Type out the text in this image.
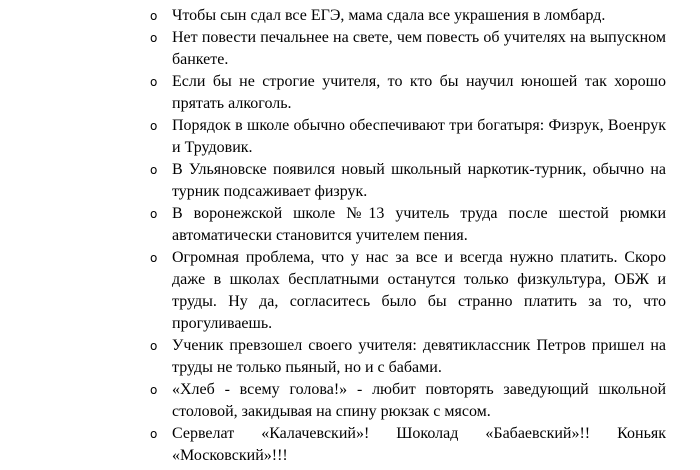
o Чтобы сын сдал все ЕГЭ, мама сдала все украшения в ломбард.
o Нет повести печальнее на свете, чем повесть об учителях на выпускном банкете.
o Если бы не строгие учителя, то кто бы научил юношей так хорошо прятать алкоголь.
o Порядок в школе обычно обеспечивают три богатыря: Физрук, Военрук и Трудовик.
o В Ульяновске появился новый школьный наркотик-турник, обычно на турник подсаживает физрук.
o В воронежской школе №13 учитель труда после шестой рюмки автоматически становится учителем пения.
o Огромная проблема, что у нас за все и всегда нужно платить. Скоро даже в школах бесплатными останутся только физкультура, ОБЖ и труды. Ну да, согласитесь было бы странно платить за то, что прогуливаешь.
o Ученик превзошел своего учителя: девятиклассник Петров пришел на труды не только пьяный, но и с бабами.
o «Хлеб - всему голова!» - любит повторять заведующий школьной столовой, закидывая на спину рюкзак с мясом.
o Сервелат «Калачевский»! Шоколад «Бабаевский»!! Коньяк «Московский»!!!
